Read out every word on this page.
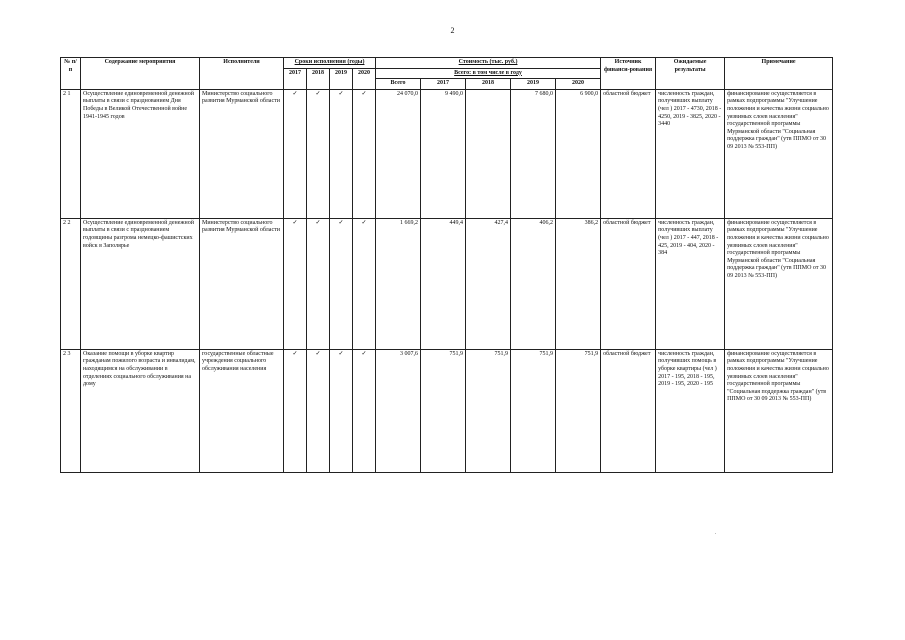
2
№ п/п	Содержание мероприятия	Исполнители	Сроки исполнения (годы)				Стоимость (тыс. руб.)					Источник финанси-рования	Ожидаемые результаты	Примечание
			2017	2018	2019	2020	Всего: в том числе в году							
							Всего	2017	2018	2019	2020			
2 1	Осуществление единовременной денежной выплаты в связи с празднованием Дня Победы в Великой Отечественной войне 1941-1945 годов	Министерство социального развития Мурманской области	✓	✓	✓	✓	24 070,0	9 490,0		7 680,0	6 900,0	областной бюджет	численность граждан, получивших выплату (чел ) 2017 - 4730, 2018 - 4250, 2019 - 3825, 2020 - 3440	финансирование осуществляется в рамках подпрограммы "Улучшение положения и качества жизни социально уязвимых слоев населения" государственной программы Мурманской области "Социальная поддержка граждан" (утв ППМО от 30 09 2013 № 553-ПП)
2 2	Осуществление единовременной денежной выплаты в связи с празднованием годовщины разгрома немецко-фашистских войск в Заполярье	Министерство социального развития Мурманской области	✓	✓	✓	✓	1 669,2	449,4	427,4	406,2	386,2	областной бюджет	численность граждан, получивших выплату (чел ) 2017 - 447, 2018 - 425, 2019 - 404, 2020 - 384	финансирование осуществляется в рамках подпрограммы "Улучшение положения и качества жизни социально уязвимых слоев населения" государственной программы Мурманской области "Социальная поддержка граждан" (утв ППМО от 30 09 2013 № 553-ПП)
2 3	Оказание помощи в уборке квартир гражданам пожилого возраста и инвалидам, находящимся на обслуживании в отделениях социального обслуживания на дому	государственные областные учреждения социального обслуживания населения	✓	✓	✓	✓	3 007,6	751,9	751,9	751,9	751,9	областной бюджет	численность граждан, получивших помощь в уборке квартиры (чел ) 2017 - 195, 2018 - 195, 2019 - 195, 2020 - 195	финансирование осуществляется в рамках подпрограммы "Улучшение положения и качества жизни социально уязвимых слоев населения" государственной программы "Социальная поддержка граждан" (утв ППМО от 30 09 2013 № 553-ПП)
.
